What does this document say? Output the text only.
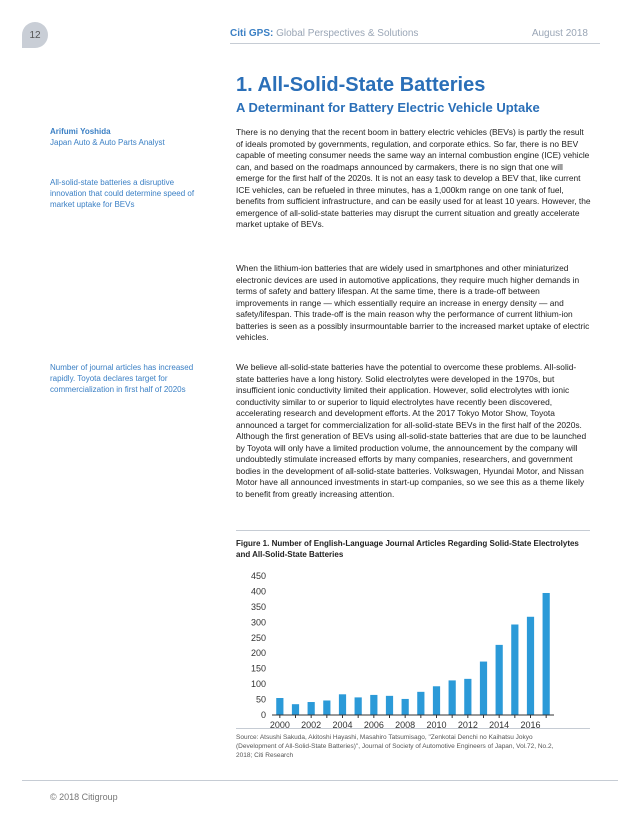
12	Citi GPS: Global Perspectives & Solutions	August 2018
1. All-Solid-State Batteries
A Determinant for Battery Electric Vehicle Uptake
Arifumi Yoshida
Japan Auto & Auto Parts Analyst
All-solid-state batteries a disruptive innovation that could determine speed of market uptake for BEVs
Number of journal articles has increased rapidly. Toyota declares target for commercialization in first half of 2020s

There is no denying that the recent boom in battery electric vehicles (BEVs) is partly the result of ideals promoted by governments, regulation, and corporate ethics. So far, there is no BEV capable of meeting consumer needs the same way an internal combustion engine (ICE) vehicle can, and based on the roadmaps announced by carmakers, there is no sign that one will emerge for the first half of the 2020s. It is not an easy task to develop a BEV that, like current ICE vehicles, can be refueled in three minutes, has a 1,000km range on one tank of fuel, benefits from sufficient infrastructure, and can be easily used for at least 10 years. However, the emergence of all-solid-state batteries may disrupt the current situation and greatly accelerate market uptake of BEVs.

When the lithium-ion batteries that are widely used in smartphones and other miniaturized electronic devices are used in automotive applications, they require much higher demands in terms of safety and battery lifespan. At the same time, there is a trade-off between improvements in range — which essentially require an increase in energy density — and safety/lifespan. This trade-off is the main reason why the performance of current lithium-ion batteries is seen as a possibly insurmountable barrier to the increased market uptake of electric vehicles.

We believe all-solid-state batteries have the potential to overcome these problems. All-solid-state batteries have a long history. Solid electrolytes were developed in the 1970s, but insufficient ionic conductivity limited their application. However, solid electrolytes with ionic conductivity similar to or superior to liquid electrolytes have recently been discovered, accelerating research and development efforts. At the 2017 Tokyo Motor Show, Toyota announced a target for commercialization for all-solid-state BEVs in the first half of the 2020s. Although the first generation of BEVs using all-solid-state batteries that are due to be launched by Toyota will only have a limited production volume, the announcement by the company will undoubtedly stimulate increased efforts by many companies, researchers, and government bodies in the development of all-solid-state batteries. Volkswagen, Hyundai Motor, and Nissan Motor have all announced investments in start-up companies, so we see this as a theme likely to benefit from greatly increasing attention.

Figure 1. Number of English-Language Journal Articles Regarding Solid-State Electrolytes and All-Solid-State Batteries
0
50
100
150
200
250
300
350
400
450
2000 2002 2004 2006 2008 2010 2012 2014 2016
Source: Atsushi Sakuda, Akitoshi Hayashi, Masahiro Tatsumisago, "Zenkotai Denchi no Kaihatsu Jokyo (Development of All-Solid-State Batteries)", Journal of Society of Automotive Engineers of Japan, Vol.72, No.2, 2018; Citi Research
© 2018 Citigroup
